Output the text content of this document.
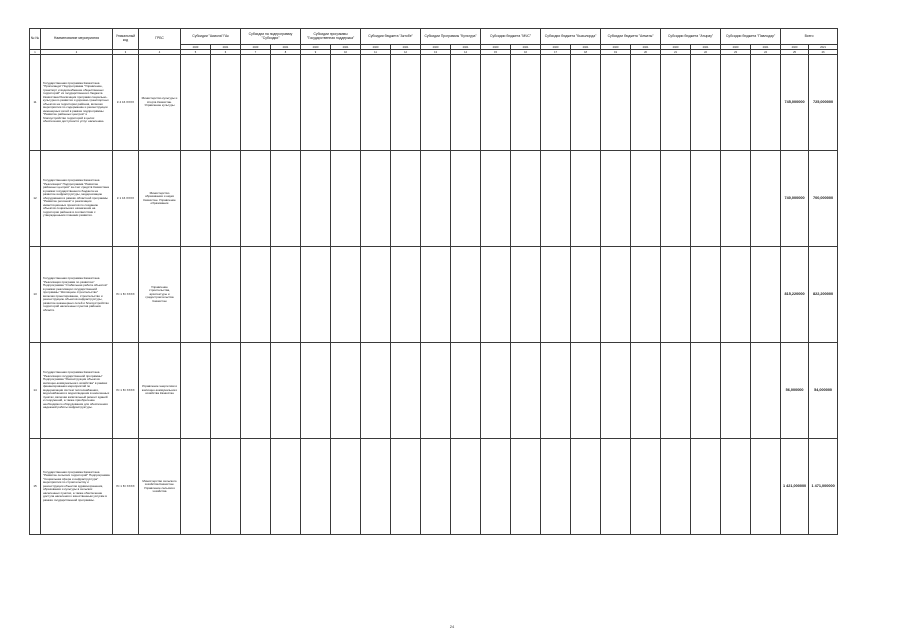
№ №	Наименование мероприятия	Уникальный код	ГРБС	Субсидии "Акмола"/"Ак		Субсидии на подпрограмму "Субсидии"		Субсидии программы "Государственная поддержка"		Субсидии бюджета "Актобе"		Субсидии Программы "Культура"		Субсидии бюджета "МЧС"		Субсидии бюджета "Кызылорда"		Субсидии бюджета "Алматы"		Субсидии бюджета "Атырау"		Субсидии бюджета "Павлодар"		Всего	
				2020	2021	2020	2021	2020	2021	2020	2021	2020	2021	2020	2021	2020	2021	2020	2021	2020	2021	2020	2021	2020	2021
1	2	3	4	5	6	7	8	9	10	11	12	13	14	15	16	17	18	19	20	21	22	23	24	25	26
11	Государственная программа Казахстана "Пропаганда" Подпрограмма "Управление, транспорт и водоснабжение общественных территорий" из государственного бюджета Казахстана Реализация программ социально-культурного развития и дорожно-транспортных объектов на территории районов, включая мероприятия по содержанию и реконструкции инженерных сетей в рамках подпрограммы "Развитие районных центров" и благоустройство территорий в целях обеспечения доступности услуг населению.	К 4 16 ХХХХ	Министерство культуры и спорта Казахстан. Управление культуры																					745,000000	725,000000
12	Государственная программа Казахстана "Реализация" Подпрограмма "Развитие районных центров" за счет средств Казахстана в рамках государственного бюджета на развитие инфраструктуры, модернизацию оборудования в рамках областной программы "Развитие регионов" и реализации инвестиционных проектов по созданию объектов социального назначения на территории районов в соответствии с утвержденными планами развития.	К 1 16 ХХХХ	Министерство образования и науки Казахстан. Управление образования																					740,000000	700,000000
13	Государственная программа Казахстана "Реализация программ по развитию" Подпрограмма "Стабильная работа объектов" в рамках реализации государственной программы "Жилищное строительство" включая проектирование, строительство и реконструкцию объектов инфраструктуры, развитие инженерных сетей и благоустройство территорий населенных пунктов районов области.	Ю 1 Ю ХХХХ	Управление строительства, архитектуры и градостроительства Казахстан																					815,220000	822,200000
14	Государственная программа Казахстана "Реализация государственной программы" Подпрограмма "Реконструкция объектов жилищно-коммунального хозяйства" в рамках финансирования мероприятий по модернизации систем теплоснабжения, водоснабжения и водоотведения в населенных пунктах, включая капитальный ремонт зданий и сооружений, а также приобретение необходимого оборудования для обеспечения надежной работы инфраструктуры.	Ю 1 Ю ХХХХ	Управление энергетики и жилищно-коммунального хозяйства Казахстан																					56,000000	54,000000
15	Государственная программа Казахстана "Развитие сельских территорий" Подпрограмма "Социальная сфера и инфраструктура" мероприятия по строительству и реконструкции объектов здравоохранения, образования и культуры в сельских населенных пунктах, а также обеспечение доступа населения к качественным услугам в рамках государственной программы.	Ю 1 Ю ХХХХ	Министерство сельского хозяйства Казахстан. Управление сельского хозяйства																					1 421,000000	1 471,000000
24
